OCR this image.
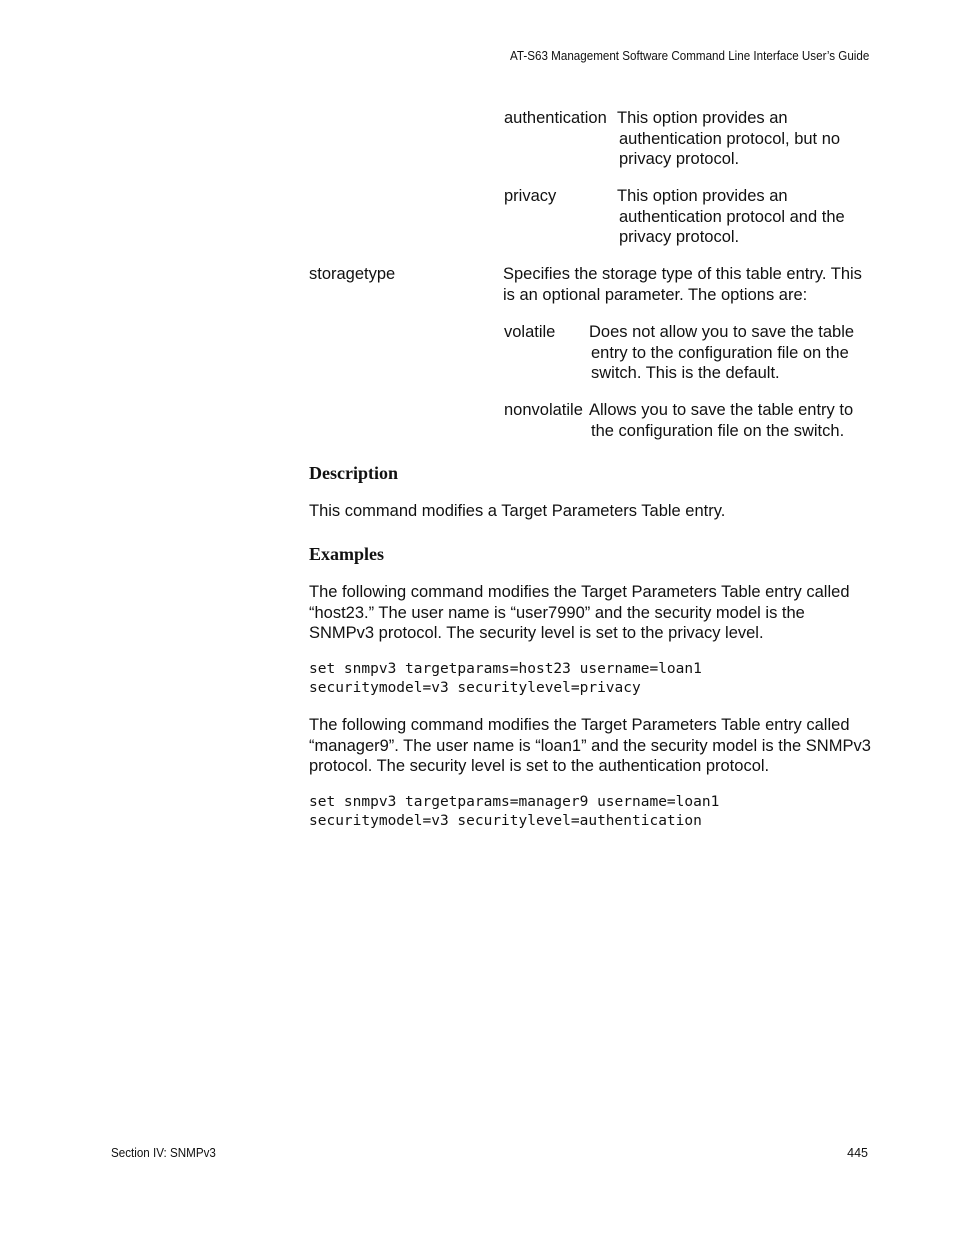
AT-S63 Management Software Command Line Interface User’s Guide
authentication This option provides an
authentication protocol, but no privacy protocol.
privacy	This option provides an
authentication protocol and the privacy protocol.
storagetype	Specifies the storage type of this table entry. This is an optional parameter. The options are:
volatile Does not allow you to save the table
entry to the configuration file on the switch. This is the default.
nonvolatile Allows you to save the table entry to
the configuration file on the switch.
Description
This command modifies a Target Parameters Table entry.
Examples
The following command modifies the Target Parameters Table entry called “host23.” The user name is “user7990” and the security model is the SNMPv3 protocol. The security level is set to the privacy level.
set snmpv3 targetparams=host23 username=loan1
securitymodel=v3 securitylevel=privacy
The following command modifies the Target Parameters Table entry called “manager9”. The user name is “loan1” and the security model is the SNMPv3 protocol. The security level is set to the authentication protocol.
set snmpv3 targetparams=manager9 username=loan1
securitymodel=v3 securitylevel=authentication
Section IV: SNMPv3	445
